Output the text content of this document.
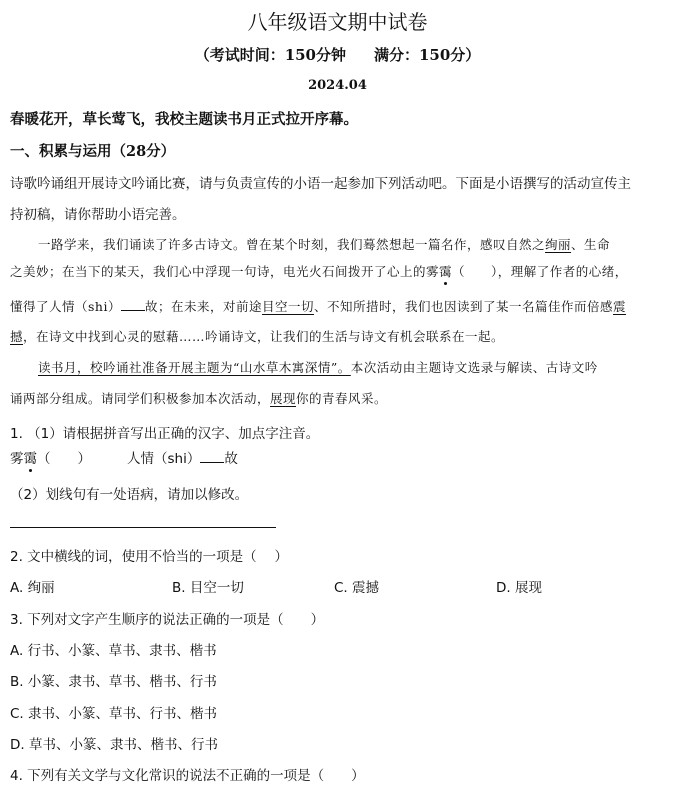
八年级语文期中试卷
（考试时间：150分钟 满分：150分）
2024.04
春暖花开，草长莺飞，我校主题读书月正式拉开序幕。
一、积累与运用（28分）
诗歌吟诵组开展诗文吟诵比赛，请与负责宣传的小语一起参加下列活动吧。下面是小语撰写的活动宣传主
持初稿，请你帮助小语完善。
一路学来，我们诵读了许多古诗文。曾在某个时刻，我们蓦然想起一篇名作，感叹自然之绚丽、生命
之美妙；在当下的某天，我们心中浮现一句诗，电光火石间拨开了心上的雾霭（　　），理解了作者的心绪，
懂得了人情（shi） 故；在未来，对前途目空一切、不知所措时，我们也因读到了某一名篇佳作而倍感震
撼，在诗文中找到心灵的慰藉……吟诵诗文，让我们的生活与诗文有机会联系在一起。
读书月，校吟诵社准备开展主题为“山水草木寓深情”。本次活动由主题诗文选录与解读、古诗文吟
诵两部分组成。请同学们积极参加本次活动，展现你的青春风采。
1. （1）请根据拼音写出正确的汉字、加点字注音。
雾霭（　　）	人情（shi） 故
（2）划线句有一处语病，请加以修改。
2. 文中横线的词，使用不恰当的一项是（　 ）
A. 绚丽	B. 目空一切	C. 震撼	D. 展现
3. 下列对文字产生顺序的说法正确的一项是（　　）
A. 行书、小篆、草书、隶书、楷书
B. 小篆、隶书、草书、楷书、行书
C. 隶书、小篆、草书、行书、楷书
D. 草书、小篆、隶书、楷书、行书
4. 下列有关文学与文化常识的说法不正确的一项是（　　）
